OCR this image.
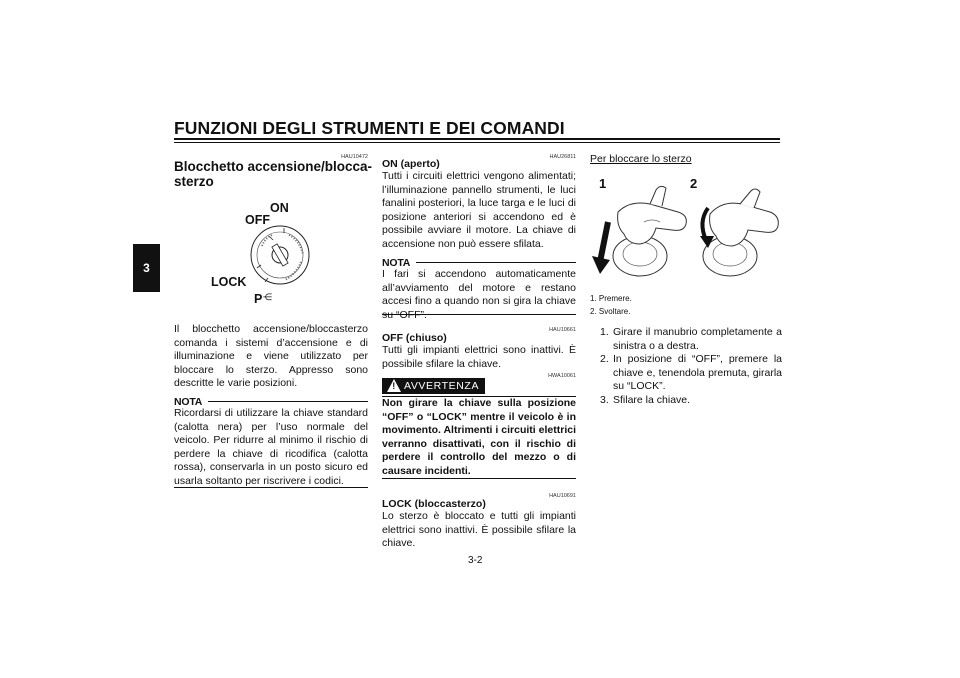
FUNZIONI DEGLI STRUMENTI E DEI COMANDI
3
HAU10472
Blocchetto accensione/blocca-
sterzo
ON
OFF
LOCK
P ⋲
Il blocchetto accensione/bloccasterzo comanda i sistemi d’accensione e di illuminazione e viene utilizzato per bloccare lo sterzo. Appresso sono descritte le varie posizioni.
NOTA
Ricordarsi di utilizzare la chiave standard (calotta nera) per l’uso normale del veicolo. Per ridurre al minimo il rischio di perdere la chiave di ricodifica (calotta rossa), conservarla in un posto sicuro ed usarla soltanto per riscrivere i codici.
HAU26811
ON (aperto)
Tutti i circuiti elettrici vengono alimentati; l’illuminazione pannello strumenti, le luci fanalini posteriori, la luce targa e le luci di posizione anteriori si accendono ed è possibile avviare il motore. La chiave di accensione non può essere sfilata.
NOTA
I fari si accendono automaticamente all’avviamento del motore e restano accesi fino a quando non si gira la chiave
HAU10661
OFF (chiuso)
Tutti gli impianti elettrici sono inattivi. È possibile sfilare la chiave.
! AVVERTENZA
HWA10061
Non girare la chiave sulla posizione “OFF” o “LOCK” mentre il veicolo è in movimento. Altrimenti i circuiti elettrici verranno disattivati, con il rischio di perdere il controllo del mezzo o di causare incidenti.
HAU10691
LOCK (bloccasterzo)
Lo sterzo è bloccato e tutti gli impianti elettrici sono inattivi. È possibile sfilare la chiave.
Per bloccare lo sterzo
1	2
1. Premere.
2. Svoltare.
1. Girare il manubrio completamente a sinistra o a destra.
2. In posizione di “OFF”, premere la chiave e, tenendola premuta, girarla su “LOCK”.
3. Sfilare la chiave.
3-2
